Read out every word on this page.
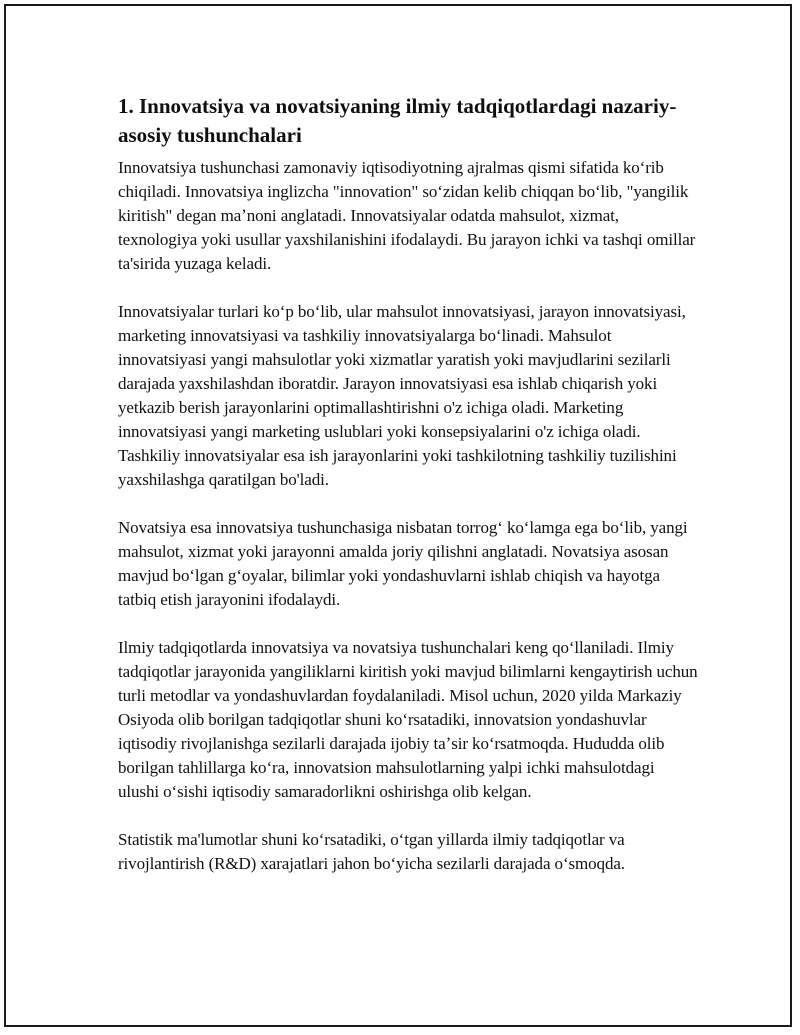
1. Innovatsiya va novatsiyaning ilmiy tadqiqotlardagi nazariy-asosiy tushunchalari

Innovatsiya tushunchasi zamonaviy iqtisodiyotning ajralmas qismi sifatida koʻrib chiqiladi. Innovatsiya inglizcha "innovation" soʻzidan kelib chiqqan boʻlib, "yangilik kiritish" degan maʼnoni anglatadi. Innovatsiyalar odatda mahsulot, xizmat, texnologiya yoki usullar yaxshilanishini ifodalaydi. Bu jarayon ichki va tashqi omillar ta'sirida yuzaga keladi.

Innovatsiyalar turlari koʻp boʻlib, ular mahsulot innovatsiyasi, jarayon innovatsiyasi, marketing innovatsiyasi va tashkiliy innovatsiyalarga boʻlinadi. Mahsulot innovatsiyasi yangi mahsulotlar yoki xizmatlar yaratish yoki mavjudlarini sezilarli darajada yaxshilashdan iboratdir. Jarayon innovatsiyasi esa ishlab chiqarish yoki yetkazib berish jarayonlarini optimallashtirishni o'z ichiga oladi. Marketing innovatsiyasi yangi marketing uslublari yoki konsepsiyalarini o'z ichiga oladi. Tashkiliy innovatsiyalar esa ish jarayonlarini yoki tashkilotning tashkiliy tuzilishini yaxshilashga qaratilgan bo'ladi.

Novatsiya esa innovatsiya tushunchasiga nisbatan torrogʻ koʻlamga ega boʻlib, yangi mahsulot, xizmat yoki jarayonni amalda joriy qilishni anglatadi. Novatsiya asosan mavjud boʻlgan gʻoyalar, bilimlar yoki yondashuvlarni ishlab chiqish va hayotga tatbiq etish jarayonini ifodalaydi.

Ilmiy tadqiqotlarda innovatsiya va novatsiya tushunchalari keng qoʻllaniladi. Ilmiy tadqiqotlar jarayonida yangiliklarni kiritish yoki mavjud bilimlarni kengaytirish uchun turli metodlar va yondashuvlardan foydalaniladi. Misol uchun, 2020 yilda Markaziy Osiyoda olib borilgan tadqiqotlar shuni koʻrsatadiki, innovatsion yondashuvlar iqtisodiy rivojlanishga sezilarli darajada ijobiy taʼsir koʻrsatmoqda. Hududda olib borilgan tahlillarga koʻra, innovatsion mahsulotlarning yalpi ichki mahsulotdagi ulushi oʻsishi iqtisodiy samaradorlikni oshirishga olib kelgan.

Statistik ma'lumotlar shuni koʻrsatadiki, oʻtgan yillarda ilmiy tadqiqotlar va rivojlantirish (R&D) xarajatlari jahon boʻyicha sezilarli darajada oʻsmoqda.
